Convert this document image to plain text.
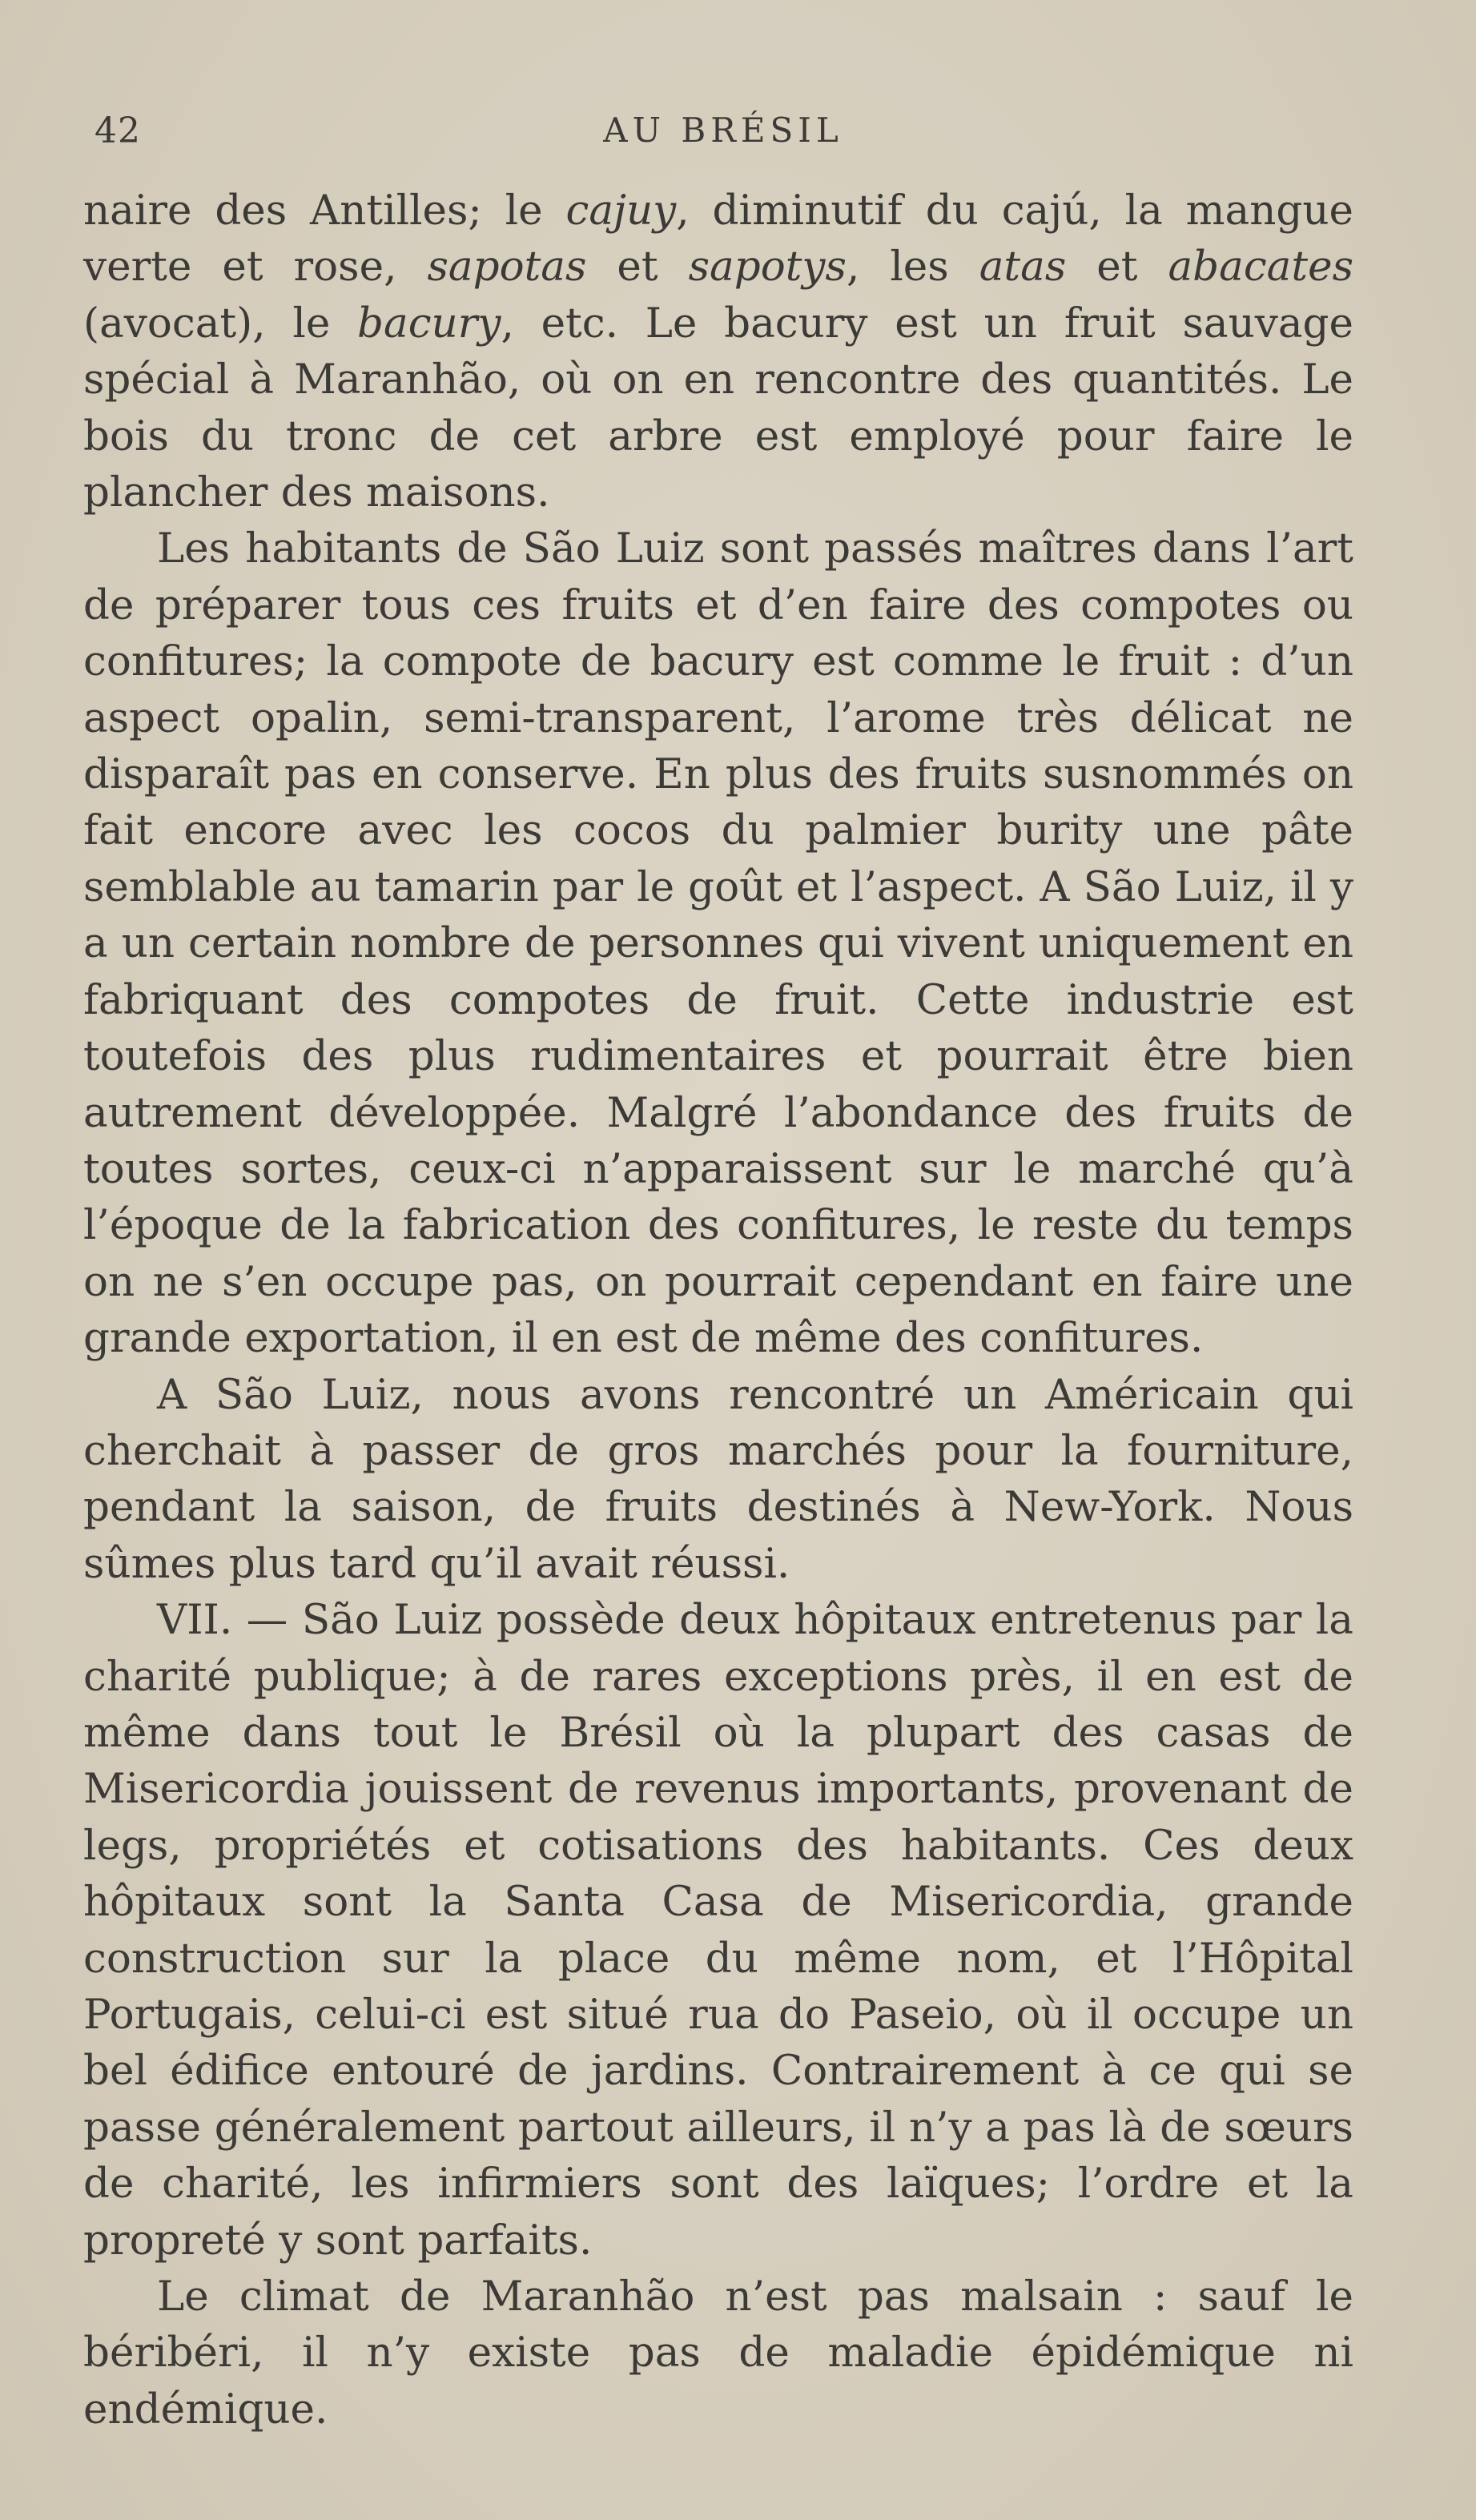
42	AU BRÉSIL

naire des Antilles; le cajuy, diminutif du cajú, la mangue verte et rose, sapotas et sapotys, les atas et abacates (avocat), le bacury, etc. Le bacury est un fruit sauvage spécial à Maranhão, où on en rencontre des quantités. Le bois du tronc de cet arbre est employé pour faire le plancher des maisons.

Les habitants de São Luiz sont passés maîtres dans l’art de préparer tous ces fruits et d’en faire des compotes ou confitures; la compote de bacury est comme le fruit : d’un aspect opalin, semi-transparent, l’arome très délicat ne disparaît pas en conserve. En plus des fruits susnommés on fait encore avec les cocos du palmier burity une pâte semblable au tamarin par le goût et l’aspect. A São Luiz, il y a un certain nombre de personnes qui vivent uniquement en fabriquant des compotes de fruit. Cette industrie est toutefois des plus rudimentaires et pourrait être bien autrement développée. Malgré l’abondance des fruits de toutes sortes, ceux-ci n’apparaissent sur le marché qu’à l’époque de la fabrication des confitures, le reste du temps on ne s’en occupe pas, on pourrait cependant en faire une grande exportation, il en est de même des confitures.

A São Luiz, nous avons rencontré un Américain qui cherchait à passer de gros marchés pour la fourniture, pendant la saison, de fruits destinés à New-York. Nous sûmes plus tard qu’il avait réussi.

VII. — São Luiz possède deux hôpitaux entretenus par la charité publique; à de rares exceptions près, il en est de même dans tout le Brésil où la plupart des casas de Misericordia jouissent de revenus importants, provenant de legs, propriétés et cotisations des habitants. Ces deux hôpitaux sont la Santa Casa de Misericordia, grande construction sur la place du même nom, et l’Hôpital Portugais, celui-ci est situé rua do Paseio, où il occupe un bel édifice entouré de jardins. Contrairement à ce qui se passe généralement partout ailleurs, il n’y a pas là de sœurs de charité, les infirmiers sont des laïques; l’ordre et la propreté y sont parfaits.

Le climat de Maranhão n’est pas malsain : sauf le béribéri, il n’y existe pas de maladie épidémique ni endémique.
